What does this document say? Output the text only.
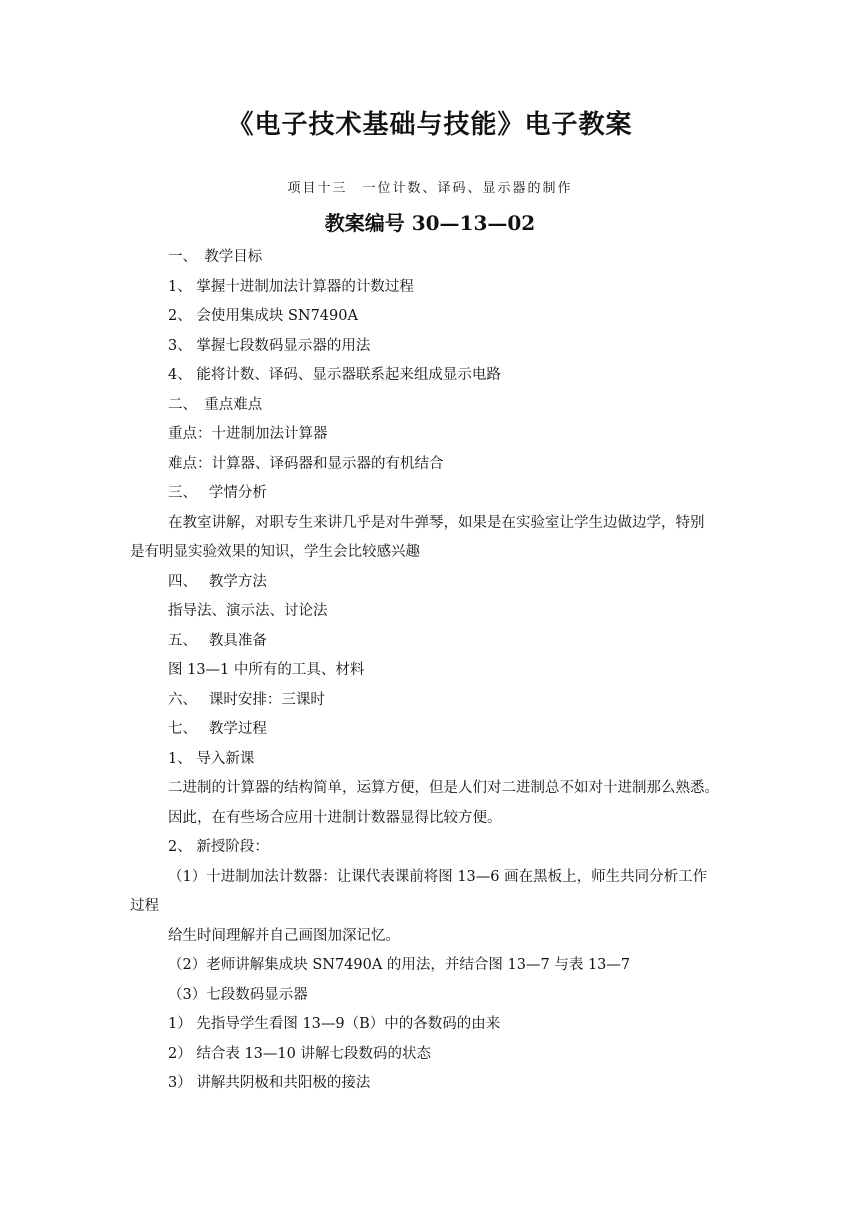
《电子技术基础与技能》电子教案
项目十三　一位计数、译码、显示器的制作
教案编号 30—13—02
一、　教学目标
1、 掌握十进制加法计算器的计数过程
2、 会使用集成块 SN7490A
3、 掌握七段数码显示器的用法
4、 能将计数、译码、显示器联系起来组成显示电路
二、　重点难点
重点：十进制加法计算器
难点：计算器、译码器和显示器的有机结合
三、　 学情分析
在教室讲解，对职专生来讲几乎是对牛弹琴，如果是在实验室让学生边做边学，特别
是有明显实验效果的知识，学生会比较感兴趣
四、　 教学方法
指导法、演示法、讨论法
五、　 教具准备
图 13—1 中所有的工具、材料
六、　 课时安排：三课时
七、　 教学过程
1、 导入新课
二进制的计算器的结构简单，运算方便，但是人们对二进制总不如对十进制那么熟悉。
因此，在有些场合应用十进制计数器显得比较方便。
2、 新授阶段：
（1）十进制加法计数器：让课代表课前将图 13—6 画在黑板上，师生共同分析工作
过程
给生时间理解并自己画图加深记忆。
（2）老师讲解集成块 SN7490A 的用法，并结合图 13—7 与表 13—7
（3）七段数码显示器
1） 先指导学生看图 13—9（B）中的各数码的由来
2） 结合表 13—10 讲解七段数码的状态
3） 讲解共阴极和共阳极的接法
